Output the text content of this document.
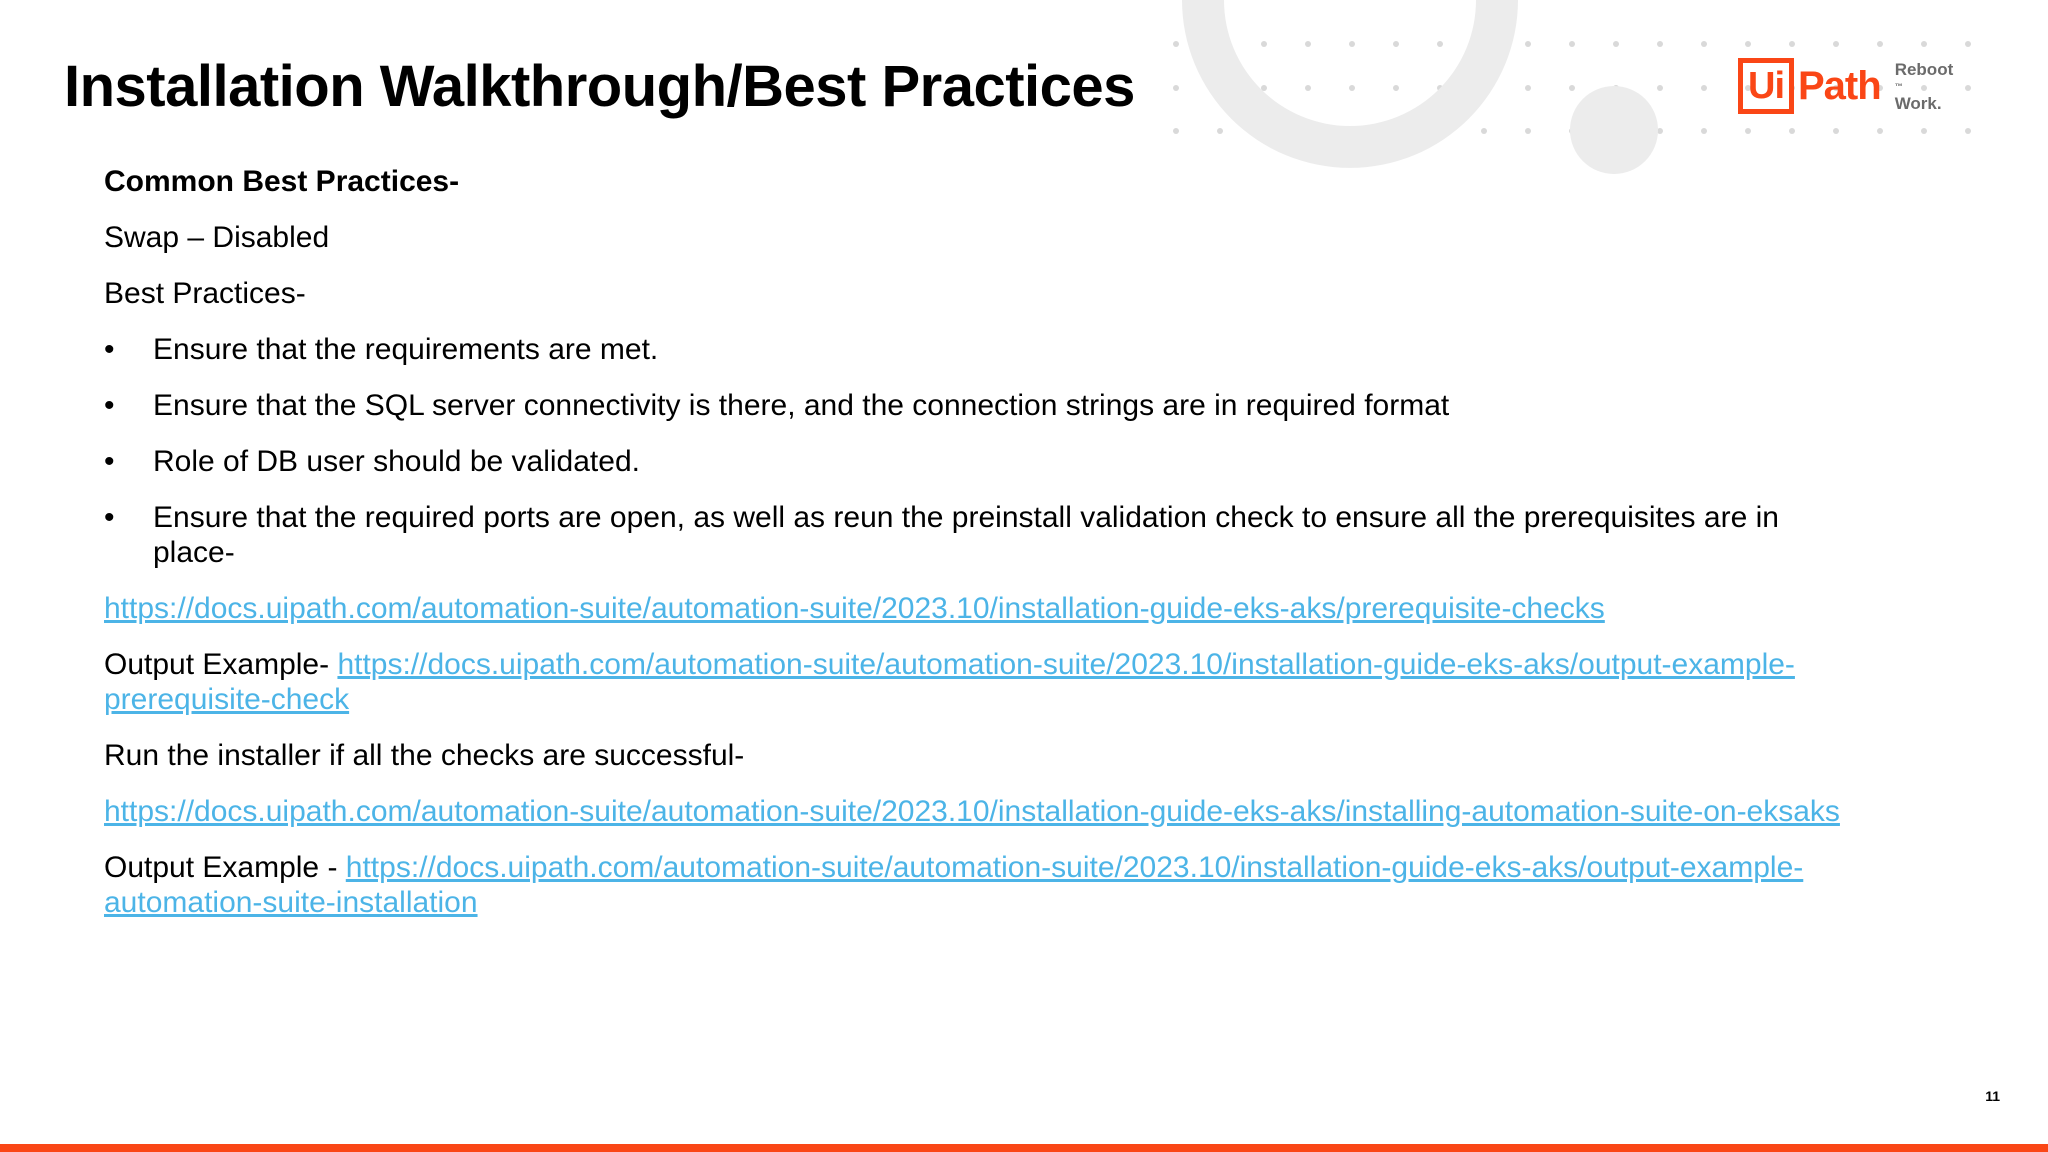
Installation Walkthrough/Best Practices	Ui Path Reboot
™
Work.

Common Best Practices-

Swap – Disabled

Best Practices-

•	Ensure that the requirements are met.
•	Ensure that the SQL server connectivity is there, and the connection strings are in required format
•	Role of DB user should be validated.
•	Ensure that the required ports are open, as well as reun the preinstall validation check to ensure all the prerequisites are in place-

https://docs.uipath.com/automation-suite/automation-suite/2023.10/installation-guide-eks-aks/prerequisite-checks

Output Example- https://docs.uipath.com/automation-suite/automation-suite/2023.10/installation-guide-eks-aks/output-example-prerequisite-check

Run the installer if all the checks are successful-

https://docs.uipath.com/automation-suite/automation-suite/2023.10/installation-guide-eks-aks/installing-automation-suite-on-eksaks

Output Example - https://docs.uipath.com/automation-suite/automation-suite/2023.10/installation-guide-eks-aks/output-example-automation-suite-installation

11
